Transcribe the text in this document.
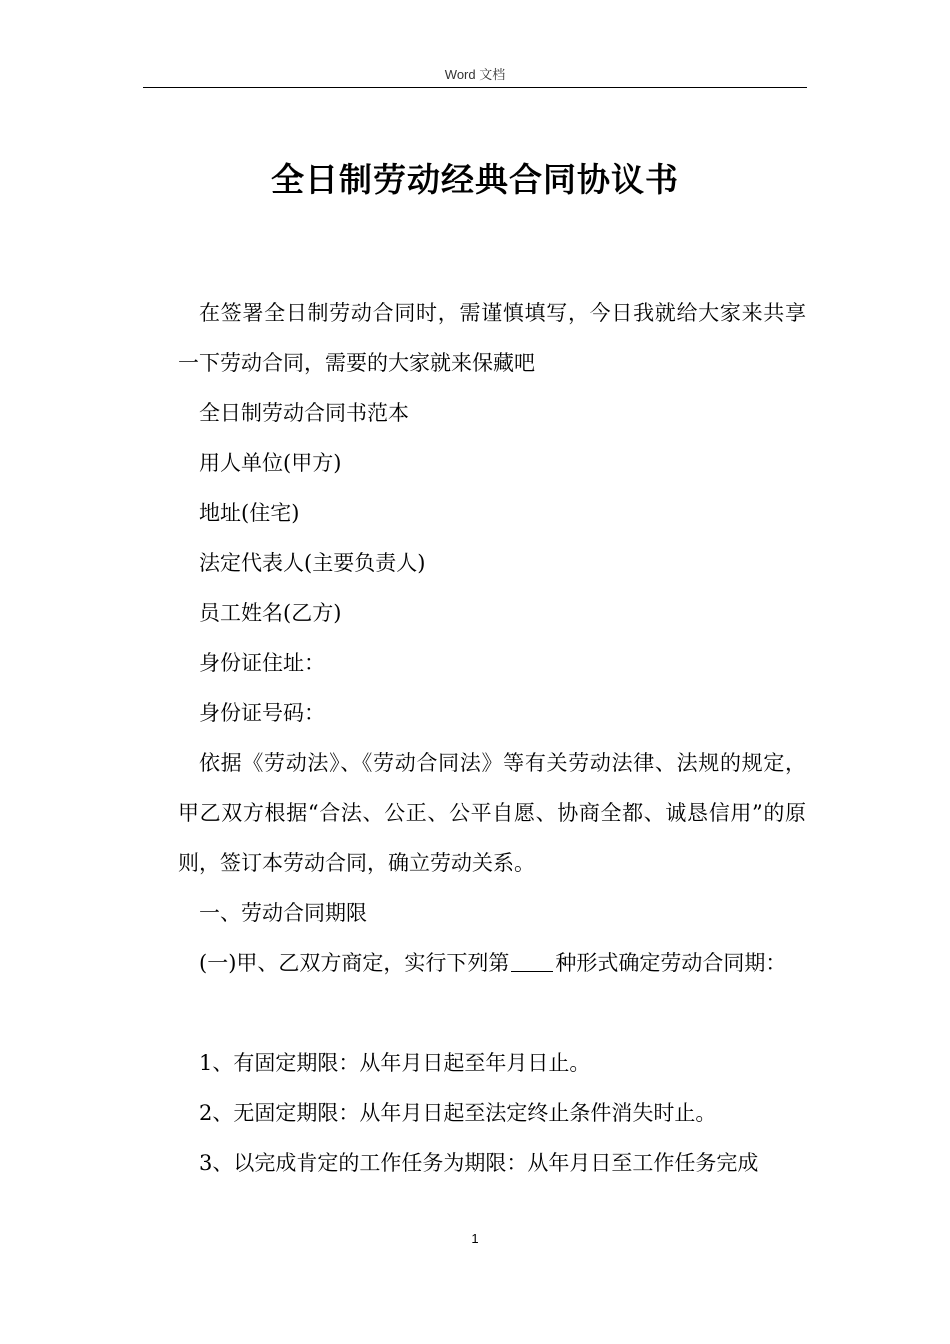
Word 文档
全日制劳动经典合同协议书

在签署全日制劳动合同时，需谨慎填写，今日我就给大家来共享一下劳动合同，需要的大家就来保藏吧

全日制劳动合同书范本

用人单位(甲方)

地址(住宅)

法定代表人(主要负责人)

员工姓名(乙方)

身份证住址：

身份证号码：

依据《劳动法》、《劳动合同法》等有关劳动法律、法规的规定，甲乙双方根据“合法、公正、公平自愿、协商全都、诚恳信用”的原则，签订本劳动合同，确立劳动关系。

一、劳动合同期限

(一)甲、乙双方商定，实行下列第 种形式确定劳动合同期：

1、有固定期限：从年月日起至年月日止。

2、无固定期限：从年月日起至法定终止条件消失时止。

3、以完成肯定的工作任务为期限：从年月日至工作任务完成

1
